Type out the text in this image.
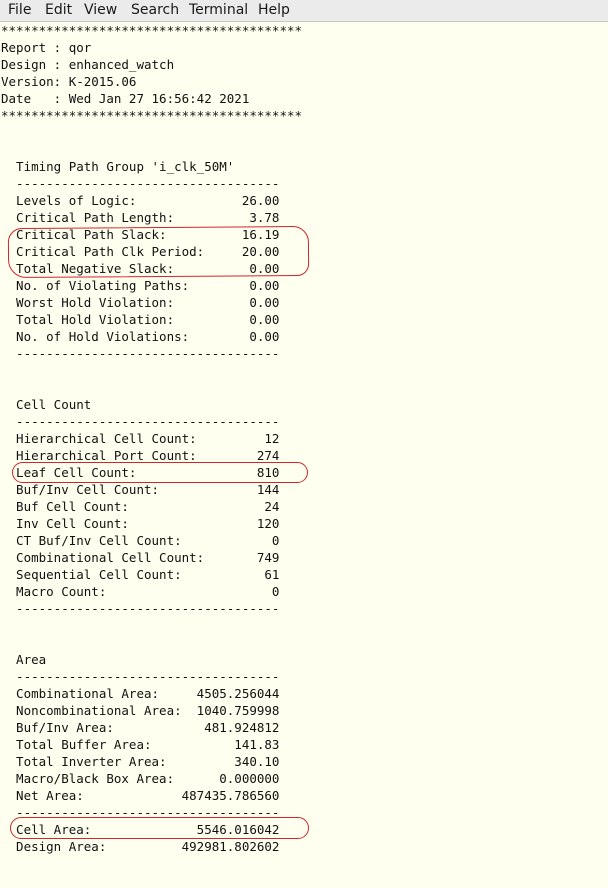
File Edit View Search Terminal Help
****************************************
Report : qor
Design : enhanced_watch
Version: K-2015.06
Date   : Wed Jan 27 16:56:42 2021
****************************************
Timing Path Group 'i_clk_50M'
-----------------------------------
Levels of Logic:              26.00
Critical Path Length:          3.78
Critical Path Slack:          16.19
Critical Path Clk Period:     20.00
Total Negative Slack:          0.00
No. of Violating Paths:        0.00
Worst Hold Violation:          0.00
Total Hold Violation:          0.00
No. of Hold Violations:        0.00
-----------------------------------
Cell Count
-----------------------------------
Hierarchical Cell Count:         12
Hierarchical Port Count:        274
Leaf Cell Count:                810
Buf/Inv Cell Count:             144
Buf Cell Count:                  24
Inv Cell Count:                 120
CT Buf/Inv Cell Count:            0
Combinational Cell Count:       749
Sequential Cell Count:           61
Macro Count:                      0
-----------------------------------
Area
-----------------------------------
Combinational Area:     4505.256044
Noncombinational Area:  1040.759998
Buf/Inv Area:            481.924812
Total Buffer Area:           141.83
Total Inverter Area:         340.10
Macro/Black Box Area:      0.000000
Net Area:             487435.786560
-----------------------------------
Cell Area:              5546.016042
Design Area:          492981.802602
